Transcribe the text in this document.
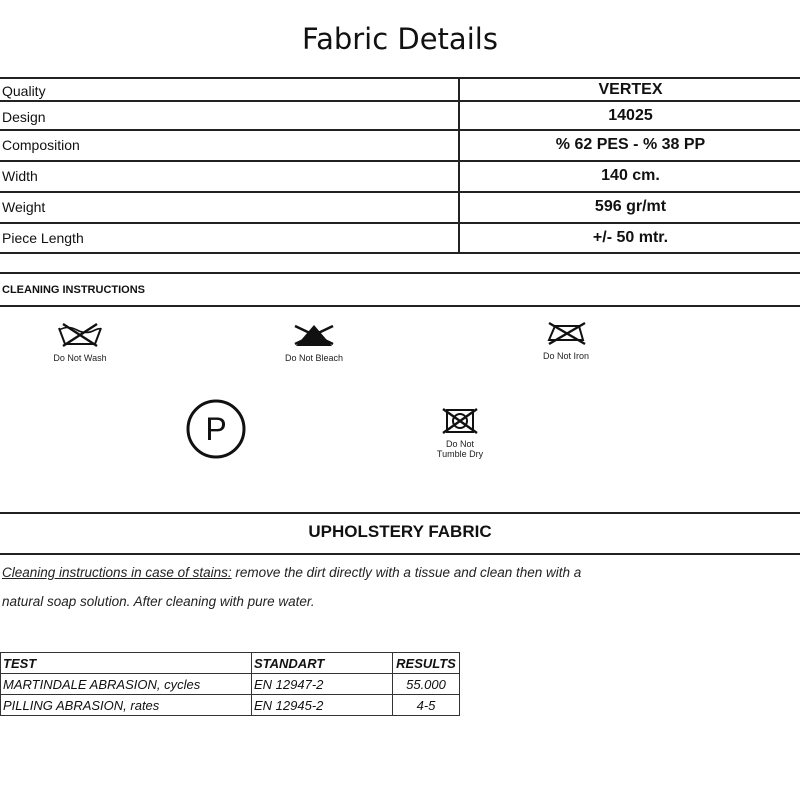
Fabric Details
Quality	VERTEX
Design	14025
Composition	% 62 PES - % 38 PP
Width	140 cm.
Weight	596 gr/mt
Piece Length	+/- 50 mtr.
CLEANING INSTRUCTIONS
Do Not Wash	Do Not Bleach	Do Not Iron
P	Do Not
Tumble Dry
UPHOLSTERY FABRIC
Cleaning instructions in case of stains: remove the dirt directly with a tissue and clean then with a
natural soap solution. After cleaning with pure water.
TEST	STANDART	RESULTS
MARTINDALE ABRASION, cycles	EN 12947-2	55.000
PILLING ABRASION, rates	EN 12945-2	4-5
